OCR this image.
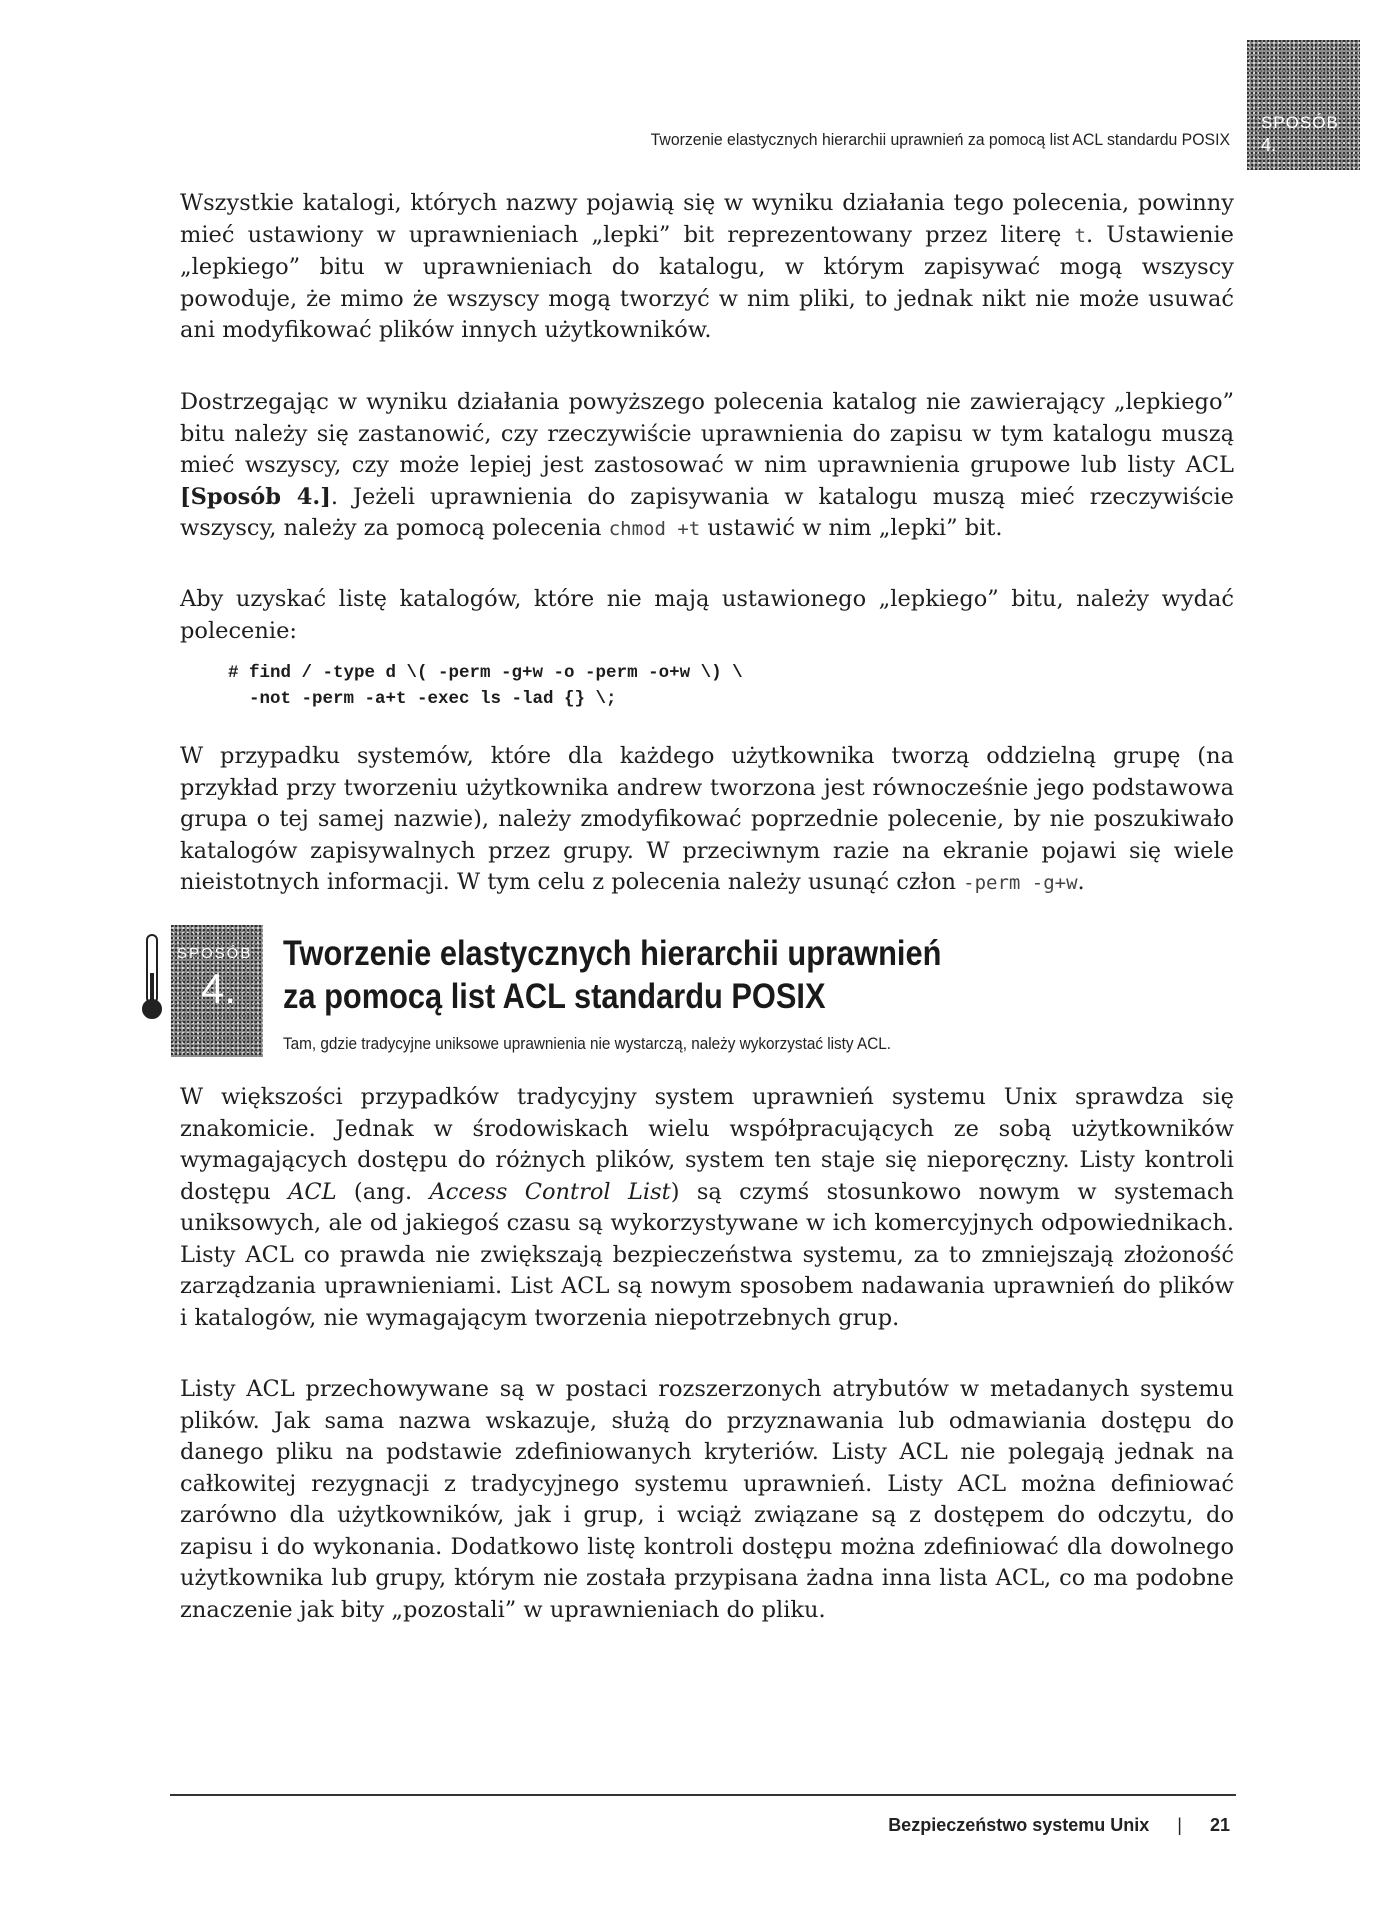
SPOSÓB
4.
Tworzenie elastycznych hierarchii uprawnień za pomocą list ACL standardu POSIX

Wszystkie katalogi, których nazwy pojawią się w wyniku działania tego polecenia, powinny mieć ustawiony w uprawnieniach „lepki” bit reprezentowany przez literę t. Ustawienie „lepkiego” bitu w uprawnieniach do katalogu, w którym zapisywać mogą wszyscy powoduje, że mimo że wszyscy mogą tworzyć w nim pliki, to jednak nikt nie może usuwać ani modyfikować plików innych użytkowników.

Dostrzegając w wyniku działania powyższego polecenia katalog nie zawierający „lepkiego” bitu należy się zastanowić, czy rzeczywiście uprawnienia do zapisu w tym katalogu muszą mieć wszyscy, czy może lepiej jest zastosować w nim uprawnienia grupowe lub listy ACL [Sposób 4.]. Jeżeli uprawnienia do zapisywania w katalogu muszą mieć rzeczywiście wszyscy, należy za pomocą polecenia chmod +t ustawić w nim „lepki” bit.

Aby uzyskać listę katalogów, które nie mają ustawionego „lepkiego” bitu, należy wydać polecenie:

# find / -type d \( -perm -g+w -o -perm -o+w \) \
-not -perm -a+t -exec ls -lad {} \;

W przypadku systemów, które dla każdego użytkownika tworzą oddzielną grupę (na przykład przy tworzeniu użytkownika andrew tworzona jest równocześnie jego podstawowa grupa o tej samej nazwie), należy zmodyfikować poprzednie polecenie, by nie poszukiwało katalogów zapisywalnych przez grupy. W przeciwnym razie na ekranie pojawi się wiele nieistotnych informacji. W tym celu z polecenia należy usunąć człon -perm -g+w.

SPOSÓB
4.
Tworzenie elastycznych hierarchii uprawnień
za pomocą list ACL standardu POSIX
Tam, gdzie tradycyjne uniksowe uprawnienia nie wystarczą, należy wykorzystać listy ACL.

W większości przypadków tradycyjny system uprawnień systemu Unix sprawdza się znakomicie. Jednak w środowiskach wielu współpracujących ze sobą użytkowników wymagających dostępu do różnych plików, system ten staje się nieporęczny. Listy kontroli dostępu ACL (ang. Access Control List) są czymś stosunkowo nowym w systemach uniksowych, ale od jakiegoś czasu są wykorzystywane w ich komercyjnych odpowiednikach. Listy ACL co prawda nie zwiększają bezpieczeństwa systemu, za to zmniejszają złożoność zarządzania uprawnieniami. List ACL są nowym sposobem nadawania uprawnień do plików i katalogów, nie wymagającym tworzenia niepotrzebnych grup.

Listy ACL przechowywane są w postaci rozszerzonych atrybutów w metadanych systemu plików. Jak sama nazwa wskazuje, służą do przyznawania lub odmawiania dostępu do danego pliku na podstawie zdefiniowanych kryteriów. Listy ACL nie polegają jednak na całkowitej rezygnacji z tradycyjnego systemu uprawnień. Listy ACL można definiować zarówno dla użytkowników, jak i grup, i wciąż związane są z dostępem do odczytu, do zapisu i do wykonania. Dodatkowo listę kontroli dostępu można zdefiniować dla dowolnego użytkownika lub grupy, którym nie została przypisana żadna inna lista ACL, co ma podobne znaczenie jak bity „pozostali” w uprawnieniach do pliku.

Bezpieczeństwo systemu Unix | 21
